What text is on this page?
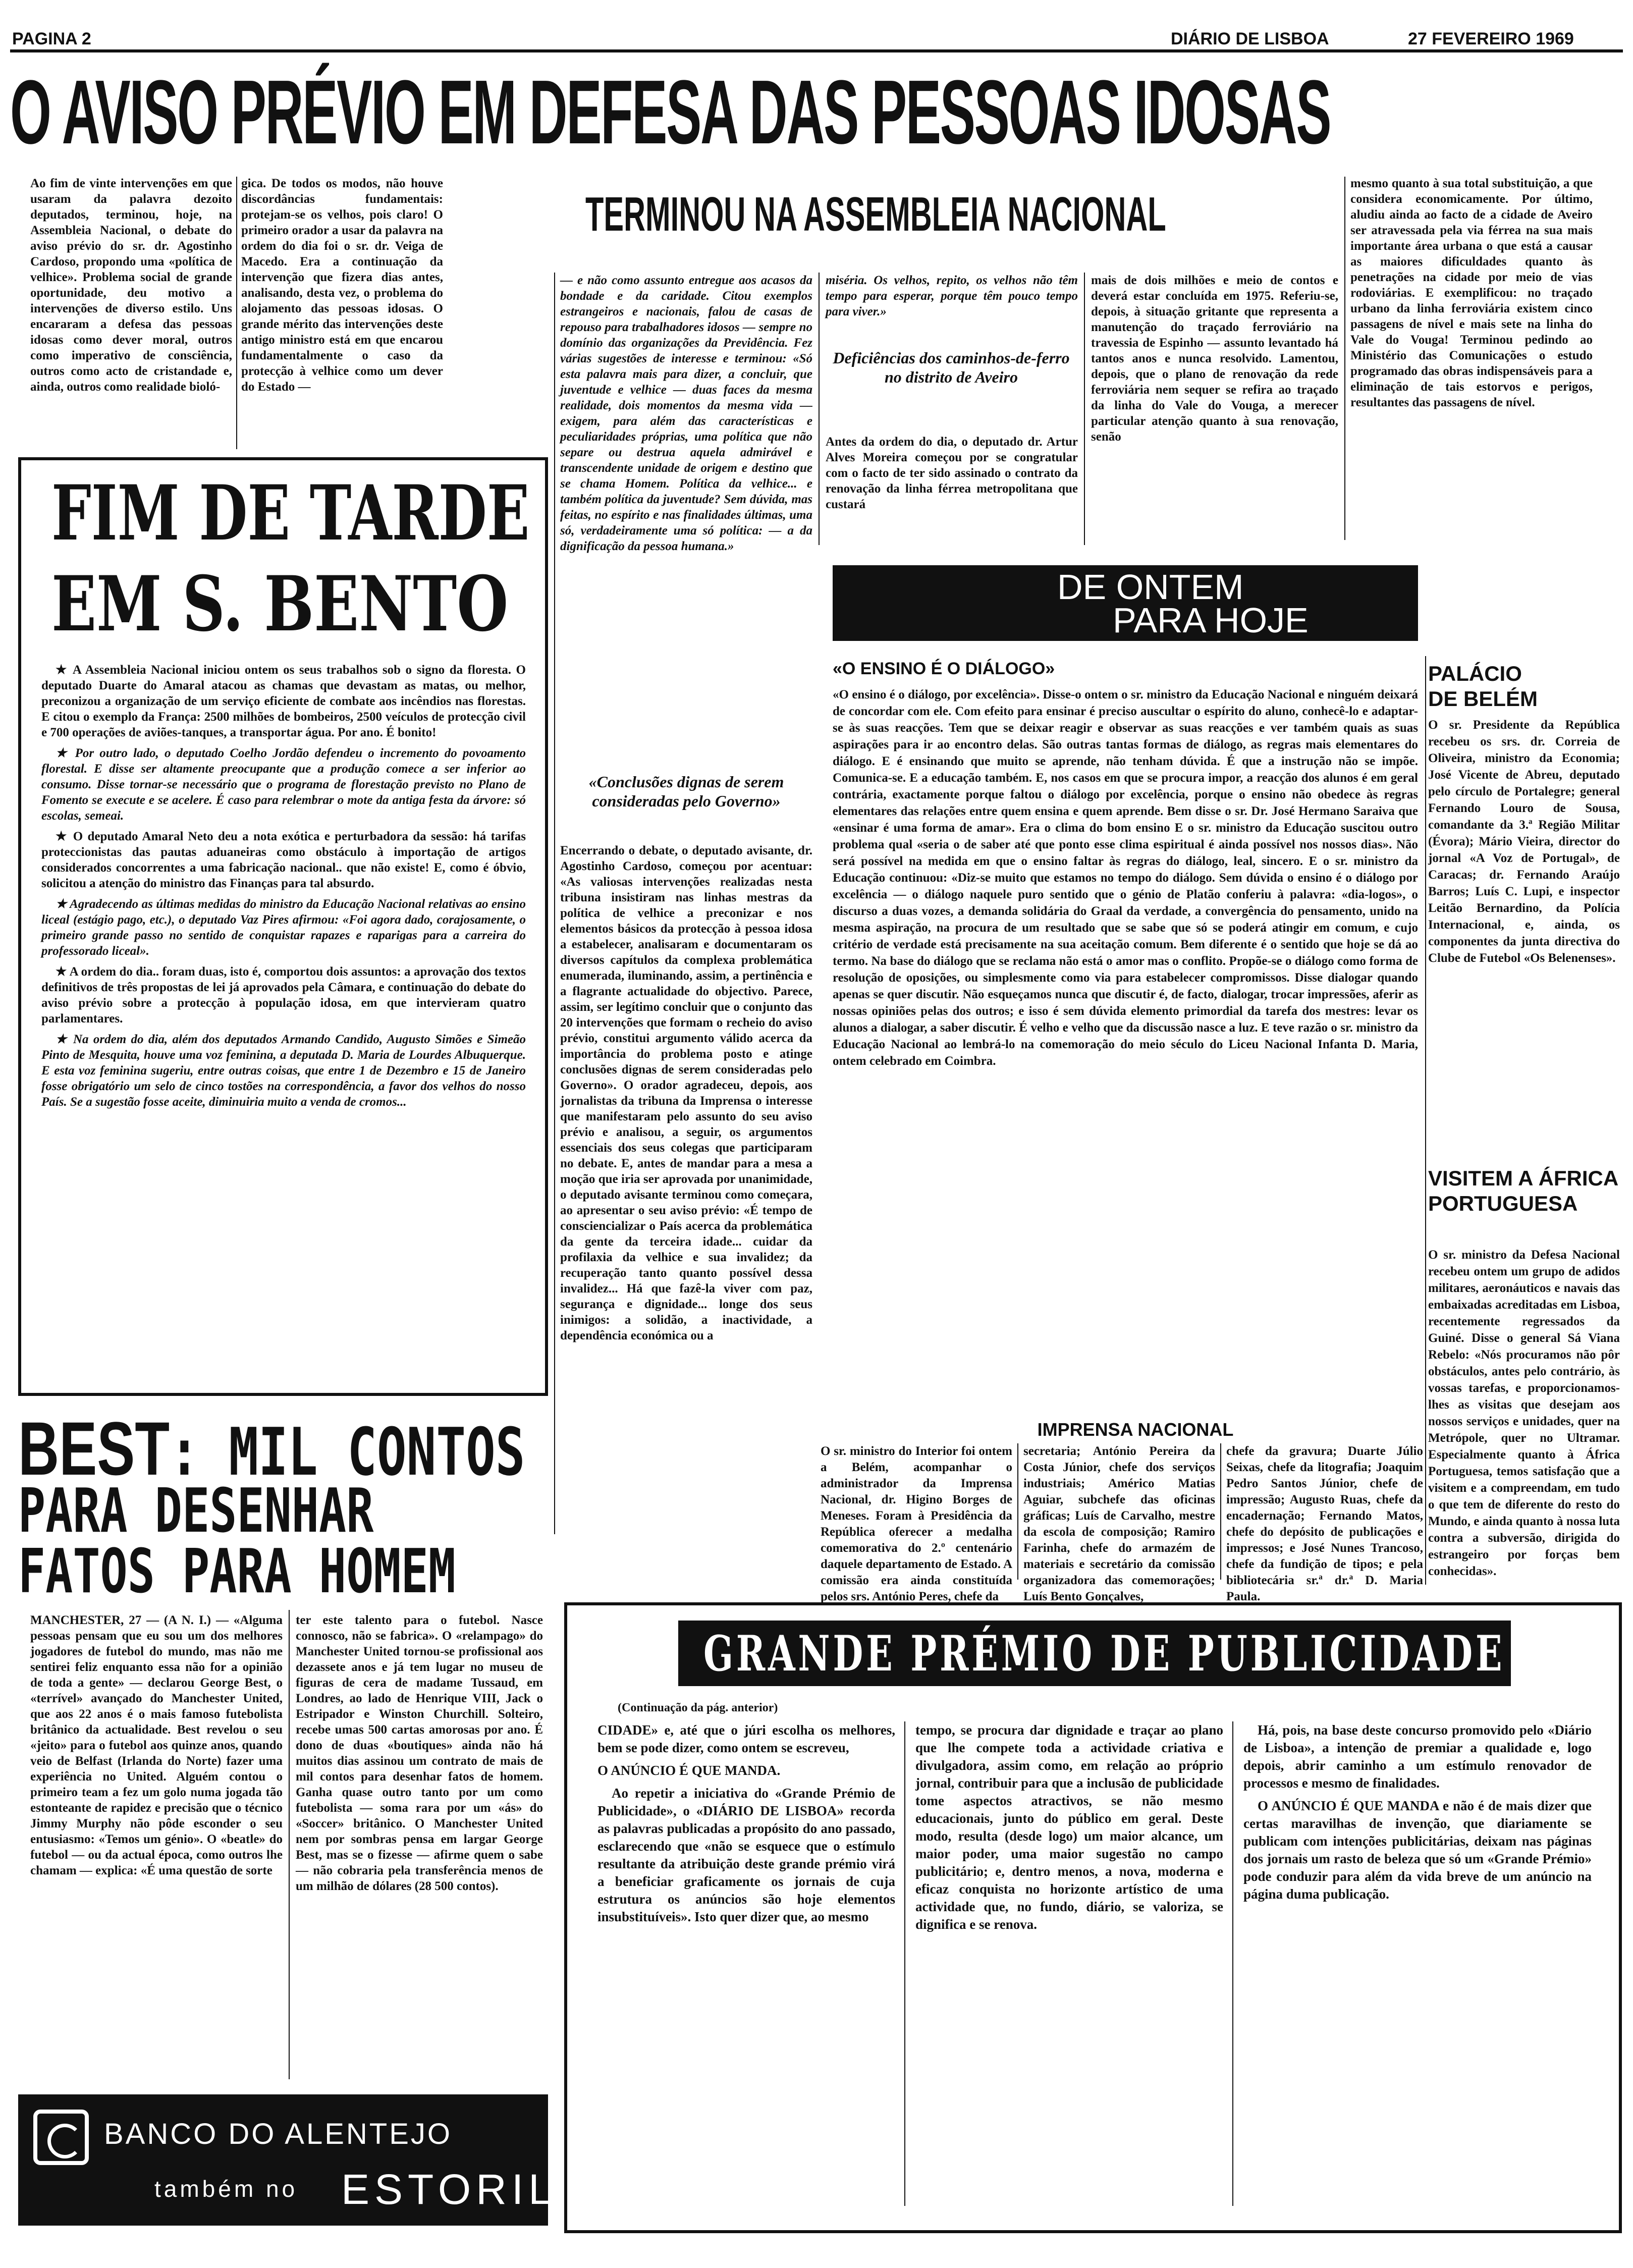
PAGINA 2	DIÁRIO DE LISBOA	27 FEVEREIRO 1969
O AVISO PRÉVIO EM DEFESA DAS PESSOAS IDOSAS
Ao fim de vinte intervenções em que usaram da palavra dezoito deputados, terminou, hoje, na Assembleia Nacional, o debate do aviso prévio do sr. dr. Agostinho Cardoso, propondo uma «política de velhice». Problema social de grande oportunidade, deu motivo a intervenções de diverso estilo. Uns encararam a defesa das pessoas idosas como dever moral, outros como imperativo de consciência, outros como acto de cristandade e, ainda, outros como realidade bioló-
gica. De todos os modos, não houve discordâncias fundamentais: protejam-se os velhos, pois claro! O primeiro orador a usar da palavra na ordem do dia foi o sr. dr. Veiga de Macedo. Era a continuação da intervenção que fizera dias antes, analisando, desta vez, o problema do alojamento das pessoas idosas. O grande mérito das intervenções deste antigo ministro está em que encarou fundamentalmente o caso da protecção à velhice como um dever do Estado —
TERMINOU NA ASSEMBLEIA NACIONAL
mesmo quanto à sua total substituição, a que considera economicamente. Por último, aludiu ainda ao facto de a cidade de Aveiro ser atravessada pela via férrea na sua mais importante área urbana o que está a causar as maiores dificuldades quanto às penetrações na cidade por meio de vias rodoviárias. E exemplificou: no traçado urbano da linha ferroviária existem cinco passagens de nível e mais sete na linha do Vale do Vouga! Terminou pedindo ao Ministério das Comunicações o estudo programado das obras indispensáveis para a eliminação de tais estorvos e perigos, resultantes das passagens de nível.
— e não como assunto entregue aos acasos da bondade e da caridade. Citou exemplos estrangeiros e nacionais, falou de casas de repouso para trabalhadores idosos — sempre no domínio das organizações da Previdência. Fez várias sugestões de interesse e terminou: «Só esta palavra mais para dizer, a concluir, que juventude e velhice — duas faces da mesma realidade, dois momentos da mesma vida — exigem, para além das características e peculiaridades próprias, uma política que não separe ou destrua aquela admirável e transcendente unidade de origem e destino que se chama Homem. Política da velhice... e também política da juventude? Sem dúvida, mas feitas, no espírito e nas finalidades últimas, uma só, verdadeiramente uma só política: — a da dignificação da pessoa humana.»
«Conclusões dignas de serem consideradas pelo Governo»
Encerrando o debate, o deputado avisante, dr. Agostinho Cardoso, começou por acentuar: «As valiosas intervenções realizadas nesta tribuna insistiram nas linhas mestras da política de velhice a preconizar e nos elementos básicos da protecção à pessoa idosa a estabelecer, analisaram e documentaram os diversos capítulos da complexa problemática enumerada, iluminando, assim, a pertinência e a flagrante actualidade do objectivo. Parece, assim, ser legítimo concluir que o conjunto das 20 intervenções que formam o recheio do aviso prévio, constitui argumento válido acerca da importância do problema posto e atinge conclusões dignas de serem consideradas pelo Governo». O orador agradeceu, depois, aos jornalistas da tribuna da Imprensa o interesse que manifestaram pelo assunto do seu aviso prévio e analisou, a seguir, os argumentos essenciais dos seus colegas que participaram no debate. E, antes de mandar para a mesa a moção que iria ser aprovada por unanimidade, o deputado avisante terminou como começara, ao apresentar o seu aviso prévio: «É tempo de consciencializar o País acerca da problemática da gente da terceira idade... cuidar da profilaxia da velhice e sua invalidez; da recuperação tanto quanto possível dessa invalidez... Há que fazê-la viver com paz, segurança e dignidade... longe dos seus inimigos: a solidão, a inactividade, a dependência económica ou a
miséria. Os velhos, repito, os velhos não têm tempo para esperar, porque têm pouco tempo para viver.»
Deficiências dos caminhos-de-ferro no distrito de Aveiro
Antes da ordem do dia, o deputado dr. Artur Alves Moreira começou por se congratular com o facto de ter sido assinado o contrato da renovação da linha férrea metropolitana que custará
mais de dois milhões e meio de contos e deverá estar concluída em 1975. Referiu-se, depois, à situação gritante que representa a manutenção do traçado ferroviário na travessia de Espinho — assunto levantado há tantos anos e nunca resolvido. Lamentou, depois, que o plano de renovação da rede ferroviária nem sequer se refira ao traçado da linha do Vale do Vouga, a merecer particular atenção quanto à sua renovação, senão
FIM DE TARDE
EM S. BENTO

★ A Assembleia Nacional iniciou ontem os seus trabalhos sob o signo da floresta. O deputado Duarte do Amaral atacou as chamas que devastam as matas, ou melhor, preconizou a organização de um serviço eficiente de combate aos incêndios nas florestas. E citou o exemplo da França: 2500 milhões de bombeiros, 2500 veículos de protecção civil e 700 operações de aviões-tanques, a transportar água. Por ano. É bonito!

★ Por outro lado, o deputado Coelho Jordão defendeu o incremento do povoamento florestal. E disse ser altamente preocupante que a produção comece a ser inferior ao consumo. Disse tornar-se necessário que o programa de florestação previsto no Plano de Fomento se execute e se acelere. É caso para relembrar o mote da antiga festa da árvore: só escolas, semeai.

★ O deputado Amaral Neto deu a nota exótica e perturbadora da sessão: há tarifas proteccionistas das pautas aduaneiras como obstáculo à importação de artigos considerados concorrentes a uma fabricação nacional.. que não existe! E, como é óbvio, solicitou a atenção do ministro das Finanças para tal absurdo.

★ Agradecendo as últimas medidas do ministro da Educação Nacional relativas ao ensino liceal (estágio pago, etc.), o deputado Vaz Pires afirmou: «Foi agora dado, corajosamente, o primeiro grande passo no sentido de conquistar rapazes e raparigas para a carreira do professorado liceal».

★ A ordem do dia.. foram duas, isto é, comportou dois assuntos: a aprovação dos textos definitivos de três propostas de lei já aprovados pela Câmara, e continuação do debate do aviso prévio sobre a protecção à população idosa, em que intervieram quatro parlamentares.

★ Na ordem do dia, além dos deputados Armando Candido, Augusto Simões e Simeão Pinto de Mesquita, houve uma voz feminina, a deputada D. Maria de Lourdes Albuquerque. E esta voz feminina sugeriu, entre outras coisas, que entre 1 de Dezembro e 15 de Janeiro fosse obrigatório um selo de cinco tostões na correspondência, a favor dos velhos do nosso País. Se a sugestão fosse aceite, diminuiria muito a venda de cromos...

BEST: MIL CONTOS
PARA DESENHAR
FATOS PARA HOMEM
MANCHESTER, 27 — (A N. I.) — «Alguma pessoas pensam que eu sou um dos melhores jogadores de futebol do mundo, mas não me sentirei feliz enquanto essa não for a opinião de toda a gente» — declarou George Best, o «terrível» avançado do Manchester United, que aos 22 anos é o mais famoso futebolista britânico da actualidade. Best revelou o seu «jeito» para o futebol aos quinze anos, quando veio de Belfast (Irlanda do Norte) fazer uma experiência no United. Alguém contou o primeiro team a fez um golo numa jogada tão estonteante de rapidez e precisão que o técnico Jimmy Murphy não pôde esconder o seu entusiasmo: «Temos um génio». O «beatle» do futebol — ou da actual época, como outros lhe chamam — explica: «É uma questão de sorte
ter este talento para o futebol. Nasce connosco, não se fabrica». O «relampago» do Manchester United tornou-se profissional aos dezassete anos e já tem lugar no museu de figuras de cera de madame Tussaud, em Londres, ao lado de Henrique VIII, Jack o Estripador e Winston Churchill. Solteiro, recebe umas 500 cartas amorosas por ano. É dono de duas «boutiques» ainda não há muitos dias assinou um contrato de mais de mil contos para desenhar fatos de homem. Ganha quase outro tanto por um como futebolista — soma rara por um «ás» do «Soccer» britânico. O Manchester United nem por sombras pensa em largar George Best, mas se o fizesse — afirme quem o sabe — não cobraria pela transferência menos de um milhão de dólares (28 500 contos).
BANCO DO ALENTEJO
também no ESTORIL
DE ONTEM
PARA HOJE
«O ENSINO É O DIÁLOGO»
«O ensino é o diálogo, por excelência». Disse-o ontem o sr. ministro da Educação Nacional e ninguém deixará de concordar com ele. Com efeito para ensinar é preciso auscultar o espírito do aluno, conhecê-lo e adaptar-se às suas reacções. Tem que se deixar reagir e observar as suas reacções e ver também quais as suas aspirações para ir ao encontro delas. São outras tantas formas de diálogo, as regras mais elementares do diálogo. E é ensinando que muito se aprende, não tenham dúvida. É que a instrução não se impõe. Comunica-se. E a educação também. E, nos casos em que se procura impor, a reacção dos alunos é em geral contrária, exactamente porque faltou o diálogo por excelência, porque o ensino não obedece às regras elementares das relações entre quem ensina e quem aprende. Bem disse o sr. Dr. José Hermano Saraiva que «ensinar é uma forma de amar». Era o clima do bom ensino E o sr. ministro da Educação suscitou outro problema qual «seria o de saber até que ponto esse clima espiritual é ainda possível nos nossos dias». Não será possível na medida em que o ensino faltar às regras do diálogo, leal, sincero. E o sr. ministro da Educação continuou: «Diz-se muito que estamos no tempo do diálogo. Sem dúvida o ensino é o diálogo por excelência — o diálogo naquele puro sentido que o génio de Platão conferiu à palavra: «dia-logos», o discurso a duas vozes, a demanda solidária do Graal da verdade, a convergência do pensamento, unido na mesma aspiração, na procura de um resultado que se sabe que só se poderá atingir em comum, e cujo critério de verdade está precisamente na sua aceitação comum. Bem diferente é o sentido que hoje se dá ao termo. Na base do diálogo que se reclama não está o amor mas o conflito. Propõe-se o diálogo como forma de resolução de oposições, ou simplesmente como via para estabelecer compromissos. Disse dialogar quando apenas se quer discutir. Não esqueçamos nunca que discutir é, de facto, dialogar, trocar impressões, aferir as nossas opiniões pelas dos outros; e isso é sem dúvida elemento primordial da tarefa dos mestres: levar os alunos a dialogar, a saber discutir. É velho e velho que da discussão nasce a luz. E teve razão o sr. ministro da Educação Nacional ao lembrá-lo na comemoração do meio século do Liceu Nacional Infanta D. Maria, ontem celebrado em Coimbra.
PALÁCIO
DE BELÉM
O sr. Presidente da República recebeu os srs. dr. Correia de Oliveira, ministro da Economia; José Vicente de Abreu, deputado pelo círculo de Portalegre; general Fernando Louro de Sousa, comandante da 3.ª Região Militar (Évora); Mário Vieira, director do jornal «A Voz de Portugal», de Caracas; dr. Fernando Araújo Barros; Luís C. Lupi, e inspector Leitão Bernardino, da Polícia Internacional, e, ainda, os componentes da junta directiva do Clube de Futebol «Os Belenenses».
VISITEM A ÁFRICA PORTUGUESA
O sr. ministro da Defesa Nacional recebeu ontem um grupo de adidos militares, aeronáuticos e navais das embaixadas acreditadas em Lisboa, recentemente regressados da Guiné. Disse o general Sá Viana Rebelo: «Nós procuramos não pôr obstáculos, antes pelo contrário, às vossas tarefas, e proporcionamos-lhes as visitas que desejam aos nossos serviços e unidades, quer na Metrópole, quer no Ultramar. Especialmente quanto à África Portuguesa, temos satisfação que a visitem e a compreendam, em tudo o que tem de diferente do resto do Mundo, e ainda quanto à nossa luta contra a subversão, dirigida do estrangeiro por forças bem conhecidas».
IMPRENSA NACIONAL
O sr. ministro do Interior foi ontem a Belém, acompanhar o administrador da Imprensa Nacional, dr. Higino Borges de Meneses. Foram à Presidência da República oferecer a medalha comemorativa do 2.º centenário daquele departamento de Estado. A comissão era ainda constituída pelos srs. António Peres, chefe da
secretaria; António Pereira da Costa Júnior, chefe dos serviços industriais; Américo Matias Aguiar, subchefe das oficinas gráficas; Luís de Carvalho, mestre da escola de composição; Ramiro Farinha, chefe do armazém de materiais e secretário da comissão organizadora das comemorações; Luís Bento Gonçalves,
chefe da gravura; Duarte Júlio Seixas, chefe da litografia; Joaquim Pedro Santos Júnior, chefe de impressão; Augusto Ruas, chefe da encadernação; Fernando Matos, chefe do depósito de publicações e impressos; e José Nunes Trancoso, chefe da fundição de tipos; e pela bibliotecária sr.ª dr.ª D. Maria Paula.
GRANDE PRÉMIO DE PUBLICIDADE
(Continuação da pág. anterior)

CIDADE» e, até que o júri escolha os melhores, bem se pode dizer, como ontem se escreveu,

O ANÚNCIO É QUE MANDA.

Ao repetir a iniciativa do «Grande Prémio de Publicidade», o «DIÁRIO DE LISBOA» recorda as palavras publicadas a propósito do ano passado, esclarecendo que «não se esquece que o estímulo resultante da atribuição deste grande prémio virá a beneficiar graficamente os jornais de cuja estrutura os anúncios são hoje elementos insubstituíveis». Isto quer dizer que, ao mesmo

tempo, se procura dar dignidade e traçar ao plano que lhe compete toda a actividade criativa e divulgadora, assim como, em relação ao próprio jornal, contribuir para que a inclusão de publicidade tome aspectos atractivos, se não mesmo educacionais, junto do público em geral. Deste modo, resulta (desde logo) um maior alcance, um maior poder, uma maior sugestão no campo publicitário; e, dentro menos, a nova, moderna e eficaz conquista no horizonte artístico de uma actividade que, no fundo, diário, se valoriza, se dignifica e se renova.

Há, pois, na base deste concurso promovido pelo «Diário de Lisboa», a intenção de premiar a qualidade e, logo depois, abrir caminho a um estímulo renovador de processos e mesmo de finalidades.

O ANÚNCIO É QUE MANDA e não é de mais dizer que certas maravilhas de invenção, que diariamente se publicam com intenções publicitárias, deixam nas páginas dos jornais um rasto de beleza que só um «Grande Prémio» pode conduzir para além da vida breve de um anúncio na página duma publicação.
